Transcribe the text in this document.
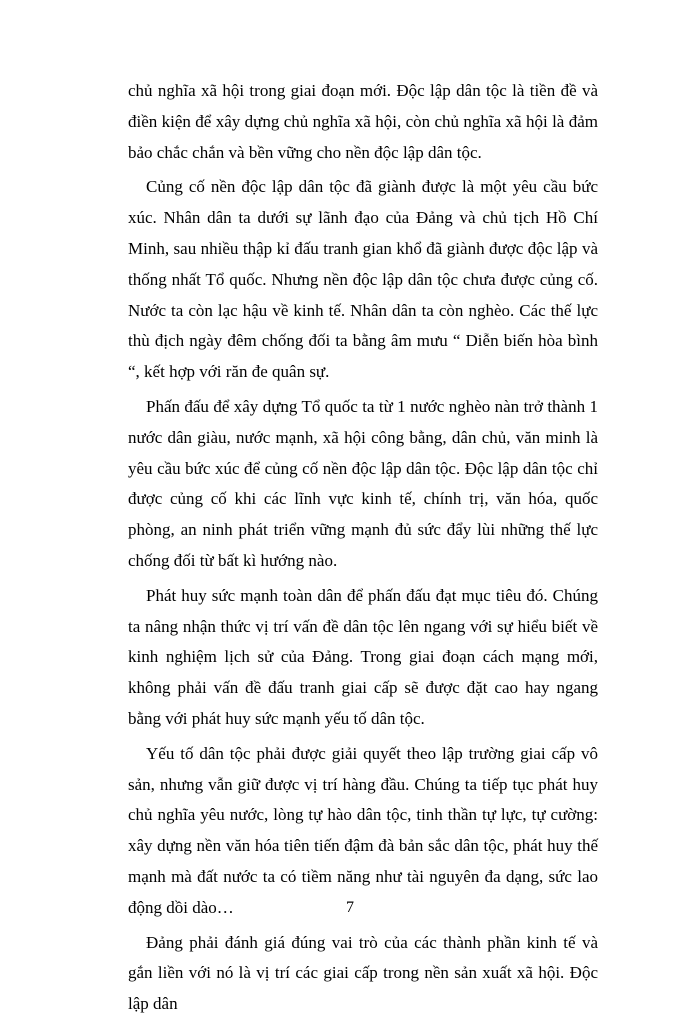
chủ nghĩa xã hội trong giai đoạn mới. Độc lập dân tộc là tiền đề và điền kiện để xây dựng chủ nghĩa xã hội, còn chủ nghĩa xã hội là đảm bảo chắc chắn và bền vững cho nền độc lập dân tộc.

Củng cố nền độc lập dân tộc đã giành được là một yêu cầu bức xúc. Nhân dân ta dưới sự lãnh đạo của Đảng và chủ tịch Hồ Chí Minh, sau nhiều thập kỉ đấu tranh gian khổ đã giành được độc lập và thống nhất Tổ quốc. Nhưng nền độc lập dân tộc chưa được củng cố. Nước ta còn lạc hậu về kinh tế. Nhân dân ta còn nghèo. Các thế lực thù địch ngày đêm chống đối ta bằng âm mưu “ Diễn biến hòa bình “, kết hợp với răn đe quân sự.

Phấn đấu để xây dựng Tổ quốc ta từ 1 nước nghèo nàn trở thành 1 nước dân giàu, nước mạnh, xã hội công bằng, dân chủ, văn minh là yêu cầu bức xúc để củng cố nền độc lập dân tộc. Độc lập dân tộc chỉ được củng cố khi các lĩnh vực kinh tế, chính trị, văn hóa, quốc phòng, an ninh phát triển vững mạnh đủ sức đẩy lùi những thế lực chống đối từ bất kì hướng nào.

Phát huy sức mạnh toàn dân để phấn đấu đạt mục tiêu đó. Chúng ta nâng nhận thức vị trí vấn đề dân tộc lên ngang với sự hiểu biết về kinh nghiệm lịch sử của Đảng. Trong giai đoạn cách mạng mới, không phải vấn đề đấu tranh giai cấp sẽ được đặt cao hay ngang bằng với phát huy sức mạnh yếu tố dân tộc.

Yếu tố dân tộc phải được giải quyết theo lập trường giai cấp vô sản, nhưng vẫn giữ được vị trí hàng đầu. Chúng ta tiếp tục phát huy chủ nghĩa yêu nước, lòng tự hào dân tộc, tinh thần tự lực, tự cường: xây dựng nền văn hóa tiên tiến đậm đà bản sắc dân tộc, phát huy thế mạnh mà đất nước ta có tiềm năng như tài nguyên đa dạng, sức lao động dồi dào…

Đảng phải đánh giá đúng vai trò của các thành phần kinh tế và gắn liền với nó là vị trí các giai cấp trong nền sản xuất xã hội. Độc lập dân

7
